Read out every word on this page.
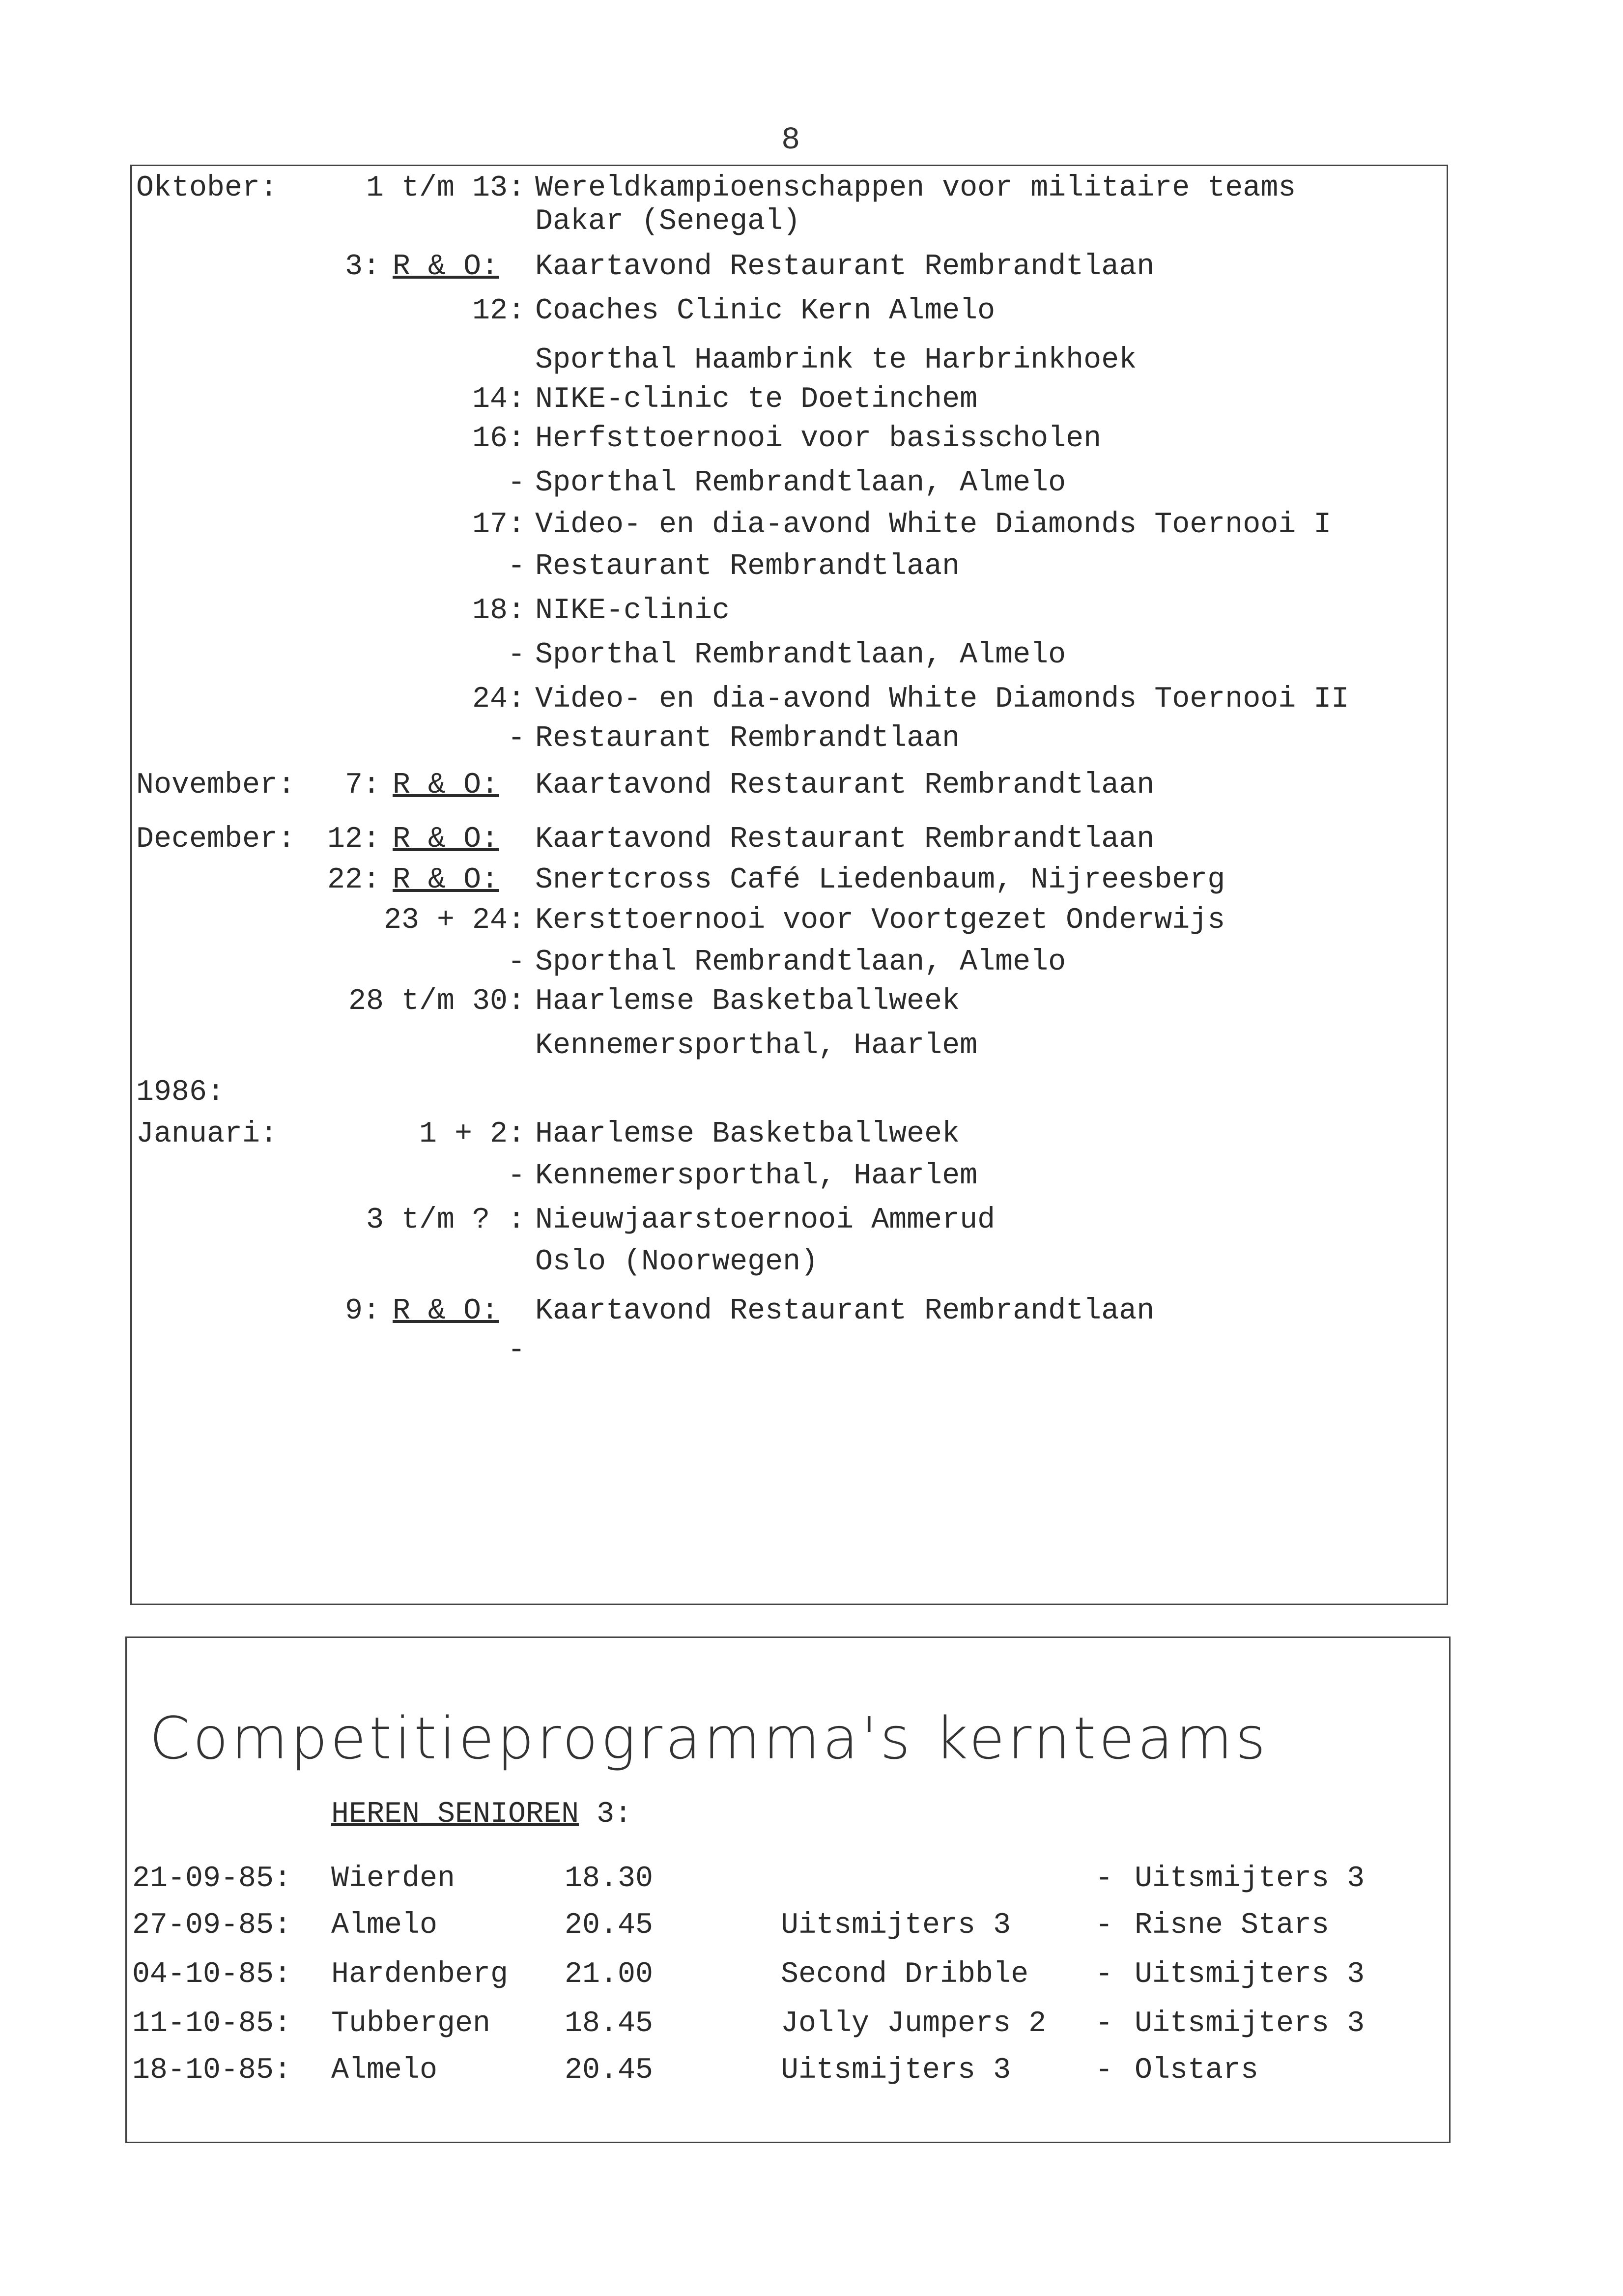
8
Oktober:	1 t/m 13: Wereldkampioenschappen voor militaire teams
Dakar (Senegal)
3: R & O: Kaartavond Restaurant Rembrandtlaan
12: Coaches Clinic Kern Almelo
Sporthal Haambrink te Harbrinkhoek
14: NIKE-clinic te Doetinchem
16: Herfsttoernooi voor basisscholen
- Sporthal Rembrandtlaan, Almelo
17: Video- en dia-avond White Diamonds Toernooi I
- Restaurant Rembrandtlaan
18: NIKE-clinic
- Sporthal Rembrandtlaan, Almelo
24: Video- en dia-avond White Diamonds Toernooi II
- Restaurant Rembrandtlaan
November: 7: R & O: Kaartavond Restaurant Rembrandtlaan
December: 12: R & O: Kaartavond Restaurant Rembrandtlaan
22: R & O: Snertcross Café Liedenbaum, Nijreesberg
23 + 24: Kersttoernooi voor Voortgezet Onderwijs
- Sporthal Rembrandtlaan, Almelo
28 t/m 30: Haarlemse Basketballweek
Kennemersporthal, Haarlem
1986:
Januari:	1 + 2: Haarlemse Basketballweek
- Kennemersporthal, Haarlem
3 t/m ? : Nieuwjaarstoernooi Ammerud
Oslo (Noorwegen)
9: R & O: Kaartavond Restaurant Rembrandtlaan
-
Competitieprogramma's kernteams
HEREN SENIOREN 3:
21-09-85: Wierden	18.30	- Uitsmijters 3
27-09-85: Almelo	20.45	Uitsmijters 3	- Risne Stars
04-10-85: Hardenberg 21.00	Second Dribble - Uitsmijters 3
11-10-85: Tubbergen	18.45	Jolly Jumpers 2 - Uitsmijters 3
18-10-85: Almelo	20.45	Uitsmijters 3	- Olstars
